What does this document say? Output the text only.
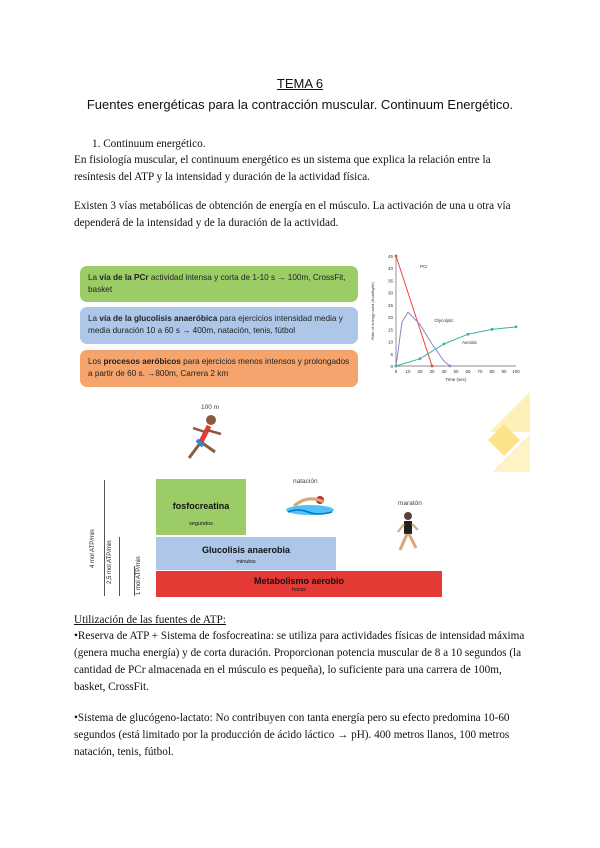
TEMA 6
Fuentes energéticas para la contracción muscular. Continuum Energético.
1. Continuum energético.
En fisiología muscular, el continuum energético es un sistema que explica la relación entre la resíntesis del ATP y la intensidad y duración de la actividad física.
Existen 3 vías metabólicas de obtención de energía en el músculo. La activación de una u otra vía dependerá de la intensidad y de la duración de la actividad.
La vía de la PCr actividad intensa y corta de 1-10 s → 100m, CrossFit, basket
La vía de la glucolisis anaeróbica para ejercicios intensidad media y media duración 10 a 60 s → 400m, natación, tenis, fútbol
Los procesos aeróbicos para ejercicios menos intensos y prolongados a partir de 60 s. →800m, Carrera 2 km
0
5
10
15
20
25
30
35
40
45
0 10 20 30 40 50 60 70 80 90 100
Time (sec)
Rate of energy used (Kcal/kg/hr)
PCr
Glycolytic
Aerobic
100 m
natación
maratón
4 mol ATP/min 2,5 mol ATP/min	1 mol ATP/min
fosfocreatina
segundos
Glucolisis anaerobia
minutos
Metabolismo aerobio
horas
Utilización de las fuentes de ATP:
•Reserva de ATP + Sistema de fosfocreatina: se utiliza para actividades físicas de intensidad máxima (genera mucha energía) y de corta duración. Proporcionan potencia muscular de 8 a 10 segundos (la cantidad de PCr almacenada en el músculo es pequeña), lo suficiente para una carrera de 100m, basket, CrossFit.
•Sistema de glucógeno-lactato: No contribuyen con tanta energía pero su efecto predomina 10-60 segundos (está limitado por la producción de ácido láctico → pH). 400 metros llanos, 100 metros natación, tenis, fútbol.
